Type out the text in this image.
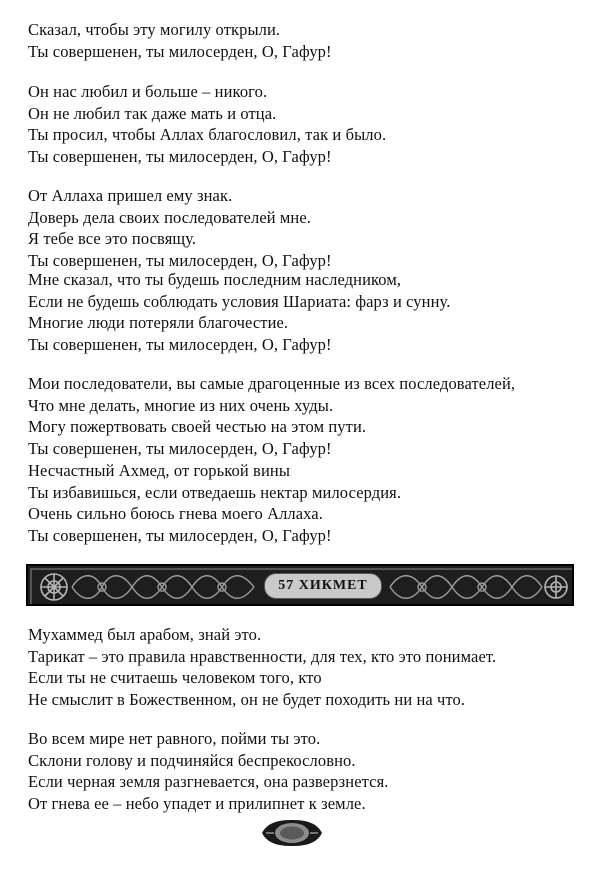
Сказал, чтобы эту могилу открыли.
Ты совершенен, ты милосерден, О, Гафур!
Он нас любил и больше – никого.
Он не любил так даже мать и отца.
Ты просил, чтобы Аллах благословил, так и было.
Ты совершенен, ты милосерден, О, Гафур!
От Аллаха пришел ему знак.
Доверь дела своих последователей мне.
Я тебе все это посвящу.
Ты совершенен, ты милосерден, О, Гафур!
Мне сказал, что ты будешь последним наследником,
Если не будешь соблюдать условия Шариата: фарз и сунну.
Многие люди потеряли благочестие.
Ты совершенен, ты милосерден, О, Гафур!
Мои последователи, вы самые драгоценные из всех последователей,
Что мне делать, многие из них очень худы.
Могу пожертвовать своей честью на этом пути.
Ты совершенен, ты милосерден, О, Гафур!
Несчастный Ахмед, от горькой вины
Ты избавишься, если отведаешь нектар милосердия.
Очень сильно боюсь гнева моего Аллаха.
Ты совершенен, ты милосерден, О, Гафур!
57 ХИКМЕТ
Мухаммед был арабом, знай это.
Тарикат – это правила нравственности, для тех, кто это понимает.
Если ты не считаешь человеком того, кто
Не смыслит в Божественном, он не будет походить ни на что.
Во всем мире нет равного, пойми ты это.
Склони голову и подчиняйся беспрекословно.
Если черная земля разгневается, она разверзнется.
От гнева ее – небо упадет и прилипнет к земле.
